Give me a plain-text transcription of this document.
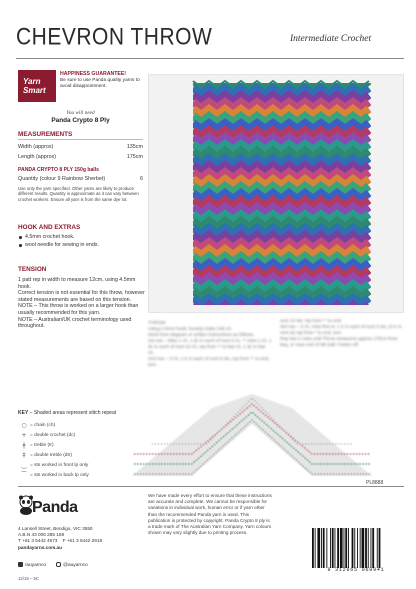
CHEVRON THROW	Intermediate Crochet
Yarn
Smart
HAPPINESS GUARANTEE!
Be sure to use Panda quality yarns to avoid disappointment.
You will need
Panda Crypto 8 Ply
MEASUREMENTS
Width (approx)	135cm
Length (approx)	175cm
PANDA CRYPTO 8 PLY 150g balls
Quantity (colour 9 Rainbow Sherbet)	6
Use only the yarn specified. Other yarns are likely to produce different results. Quantity is approximate as it can vary between crochet workers. Ensure all yarn is from the same dye lot.
HOOK AND EXTRAS
4.5mm crochet hook.
wool needle for sewing in ends.
TENSION

1 patt rep in width to measure 12cm, using 4.5mm hook.

Correct tension is not essential for this throw, however stated measurements are based on this tension.

NOTE – This throw is worked on a larger hook than usually recommended for this yarn.

NOTE – Australian/UK crochet terminology used throughout.

THROW
Using 4.5mm hook, loosely make 248 ch.
Work from diagram or written instructions as follows.
1st row – Miss 1 ch, 1 dc in each of next 9 ch, ** miss 1 ch, 1 dc in each of next 10 ch, rep from ** to last ch, 1 dc in last ch.
2nd row – 3 ch, 1 tr in each of next 9 sts, rep from ** to end, turn.
next 10 sts, rep from ** to end.
3rd row – 3 ch, miss first st, 1 tr in each of next 4 sts, (3 tr in next st) rep from * to end, turn.
Rep last 2 rows until Throw measures approx 175cm from beg, or near end of 6th ball. Fasten off.
KEY – Shaded areas represent stitch repeat
○ = chain (ch)
+ = double crochet (dc)
ǂ = treble (tr)
‡ = double treble (dtr)
‿ = sts worked in front lp only
⁀ = sts worked in back lp only
PL8888
Panda
4 Lansell Street, Bendigo, VIC 3550
A.B.N 43 006 285 169
T +61 3 5442 4673 F +61 3 5442 2918
pandayarns.com.au
/auyarnco	@auyarnco
We have made every effort to ensure that these instructions are accurate and complete. We cannot be responsible for variations in individual work, human error or if yarn other than the recommended Panda yarn is used. This publication is protected by copyright. Panda Crypto 8 ply is a trade mark of The Australian Yarn Company. Yarn colours shown may vary slightly due to printing process.
9 312065 068941
12/19 – 5C
